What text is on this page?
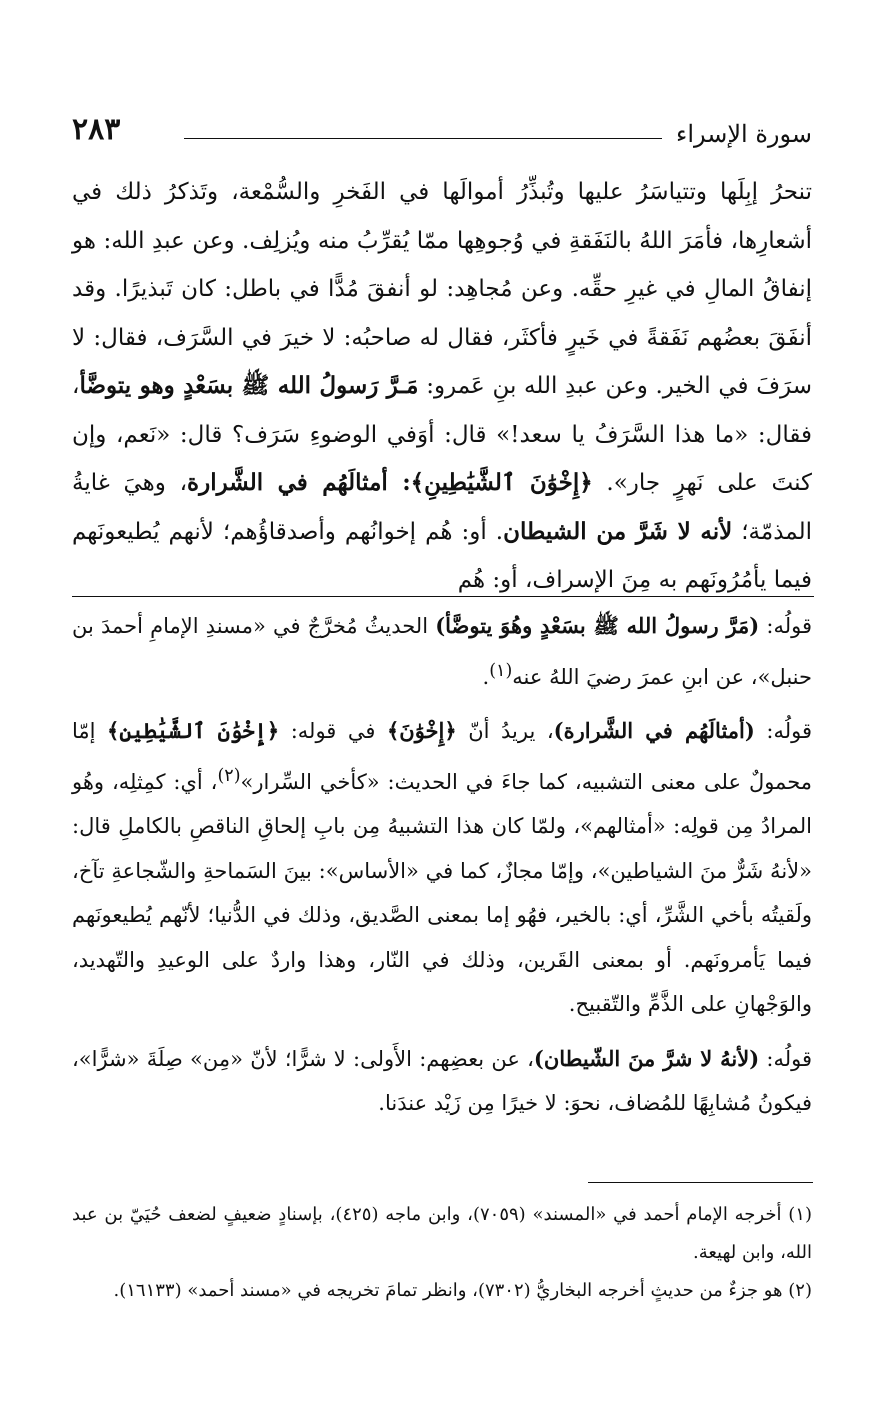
سورة الإسراء
٢٨٣

تنحرُ إبِلَها وتتياسَرُ عليها وتُبذِّرُ أموالَها في الفَخرِ والسُّمْعة، وتَذكرُ ذلك في أشعارِها، فأمَرَ اللهُ بالنَفَقةِ في وُجوهِها ممّا يُقرِّبُ منه ويُزلِف. وعن عبدِ الله: هو إنفاقُ المالِ في غيرِ حقِّه. وعن مُجاهِد: لو أنفقَ مُدًّا في باطل: كان تَبذيرًا. وقد أنفَقَ بعضُهم نَفَقةً في خَيرٍ فأكثَر، فقال له صاحبُه: لا خيرَ في السَّرَف، فقال: لا سرَفَ في الخير. وعن عبدِ الله بنِ عَمرو: مَـرَّ رَسولُ الله ﷺ بسَعْدٍ وهو يتوضَّأ، فقال: «ما هذا السَّرَفُ يا سعد!» قال: أوَفي الوضوءِ سَرَف؟ قال: «نَعم، وإن كنتَ على نَهرٍ جار». ﴿إِخْوَٰنَ ٱلشَّيَٰطِينِ﴾: أمثالَهُم في الشَّرارة، وهيَ غايةُ المذمّة؛ لأنه لا شَرَّ من الشيطان. أو: هُم إخوانُهم وأصدقاؤُهم؛ لأنهم يُطيعونَهم فيما يأمُرُونَهم به مِنَ الإسراف، أو: هُم

قولُه: (مَرَّ رسولُ الله ﷺ بسَعْدٍ وهُوَ يتوضَّأ) الحديثُ مُخرَّجٌ في «مسندِ الإمامِ أحمدَ بن حنبل»، عن ابنِ عمرَ رضيَ اللهُ عنه$^{(١)}$.

قولُه: (أمثالَهُم في الشَّرارة)، يريدُ أنّ ﴿إِخْوَٰنَ﴾ في قوله: ﴿إِخْوَٰنَ ٱلشَّيَٰطِينِ﴾ إمّا محمولٌ على معنى التشبيه، كما جاءَ في الحديث: «كأخي السِّرار»$^{(٢)}$، أي: كمِثلِه، وهُو المرادُ مِن قولِه: «أمثالهم»، ولمّا كان هذا التشبيهُ مِن بابِ إلحاقِ الناقصِ بالكاملِ قال: «لأنهُ شَرٌّ منَ الشياطين»، وإمّا مجازٌ، كما في «الأساس»: بينَ السَماحةِ والشّجاعةِ تآخ، ولَقيتُه بأخي الشَّرِّ، أي: بالخير، فهُو إما بمعنى الصَّديق، وذلك في الدُّنيا؛ لأنّهم يُطيعونَهم فيما يَأمرونَهم. أو بمعنى القَرين، وذلك في النّار، وهذا واردٌ على الوعيدِ والتّهديد، والوَجْهانِ على الذَّمِّ والتّقبيح.

قولُه: (لأنهُ لا شرَّ منَ الشّيطان)، عن بعضِهم: الأَولى: لا شرًّا؛ لأنّ «مِن» صِلَةَ «شرًّا»، فيكونُ مُشابِهًا للمُضاف، نحوَ: لا خيرًا مِن زَيْد عندَنا.

(١) أخرجه الإمام أحمد في «المسند» (٧٠٥٩)، وابن ماجه (٤٢٥)، بإسنادٍ ضعيفٍ لضعف حُيَيّ بن عبد الله، وابن لهيعة.

(٢) هو جزءٌ من حديثٍ أخرجه البخاريُّ (٧٣٠٢)، وانظر تمامَ تخريجه في «مسند أحمد» (١٦١٣٣).
